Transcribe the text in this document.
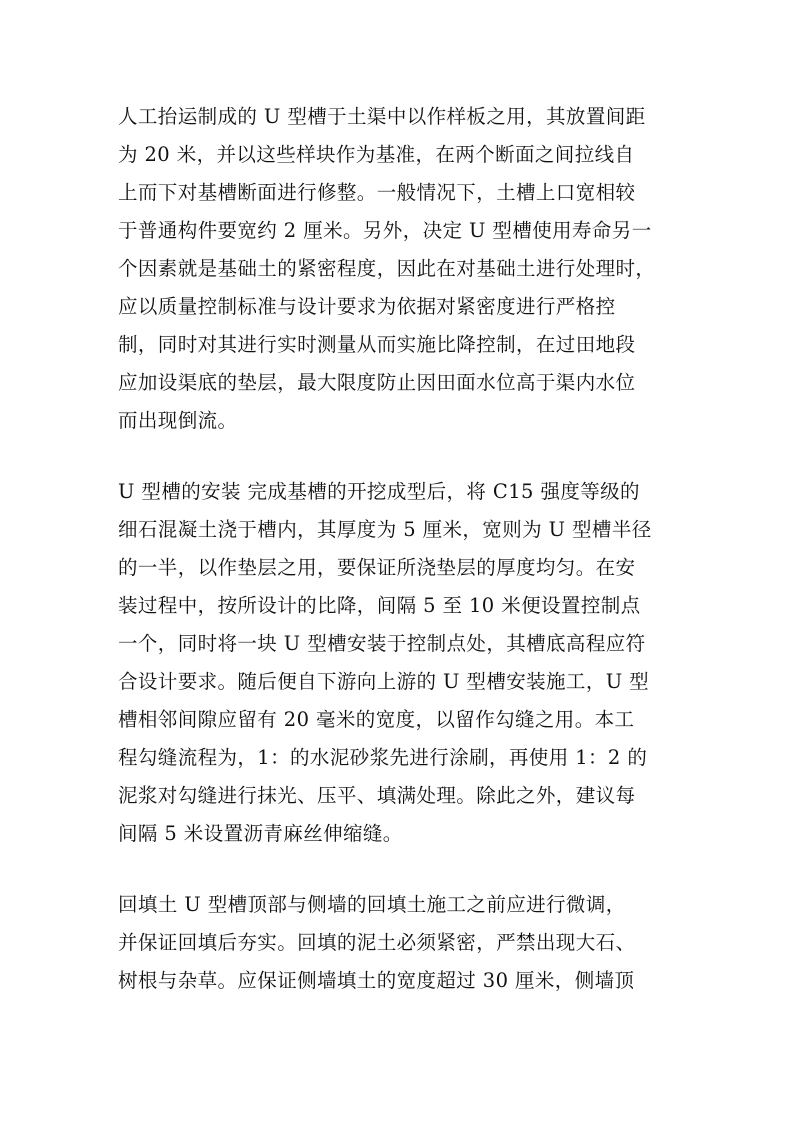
人工抬运制成的 U 型槽于土渠中以作样板之用，其放置间距
为 20 米，并以这些样块作为基准，在两个断面之间拉线自
上而下对基槽断面进行修整。一般情况下，土槽上口宽相较
于普通构件要宽约 2 厘米。另外，决定 U 型槽使用寿命另一
个因素就是基础土的紧密程度，因此在对基础土进行处理时，
应以质量控制标准与设计要求为依据对紧密度进行严格控
制，同时对其进行实时测量从而实施比降控制，在过田地段
应加设渠底的垫层，最大限度防止因田面水位高于渠内水位
而出现倒流。
U 型槽的安装 完成基槽的开挖成型后，将 C15 强度等级的
细石混凝土浇于槽内，其厚度为 5 厘米，宽则为 U 型槽半径
的一半，以作垫层之用，要保证所浇垫层的厚度均匀。在安
装过程中，按所设计的比降，间隔 5 至 10 米便设置控制点
一个，同时将一块 U 型槽安装于控制点处，其槽底高程应符
合设计要求。随后便自下游向上游的 U 型槽安装施工，U 型
槽相邻间隙应留有 20 毫米的宽度，以留作勾缝之用。本工
程勾缝流程为，1：的水泥砂浆先进行涂刷，再使用 1：2 的
泥浆对勾缝进行抹光、压平、填满处理。除此之外，建议每
间隔 5 米设置沥青麻丝伸缩缝。
回填土 U 型槽顶部与侧墙的回填土施工之前应进行微调，
并保证回填后夯实。回填的泥土必须紧密，严禁出现大石、
树根与杂草。应保证侧墙填土的宽度超过 30 厘米，侧墙顶
